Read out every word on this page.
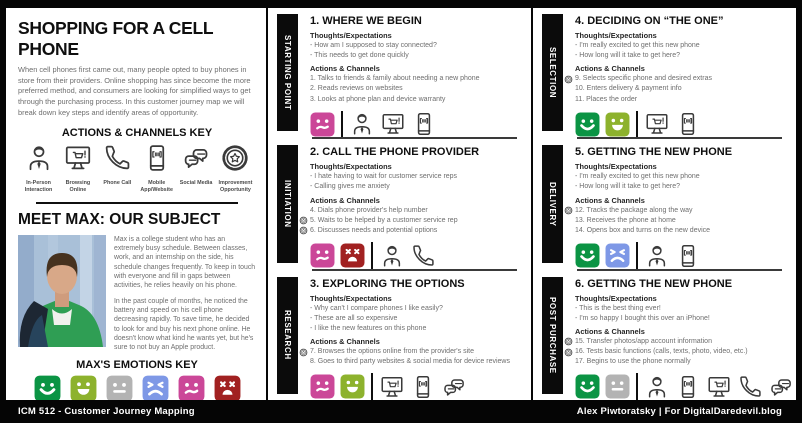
SHOPPING FOR A CELL PHONE
When cell phones first came out, many people opted to buy phones in store from their providers. Online shopping has since become the more preferred method, and consumers are looking for simplified ways to get through the purchasing process. In this customer journey map we will break down key steps and identify areas of opportunity.
ACTIONS & CHANNELS KEY
In-Person Interaction
Browsing Online
Phone Call	Mobile App/Website
Social Media Improvement Opportunity
MEET MAX: OUR SUBJECT
Max is a college student who has an extremely busy schedule. Between classes, work, and an internship on the side, his schedule changes frequently. To keep in touch with everyone and fill in gaps between activities, he relies heavily on his phone.
In the past couple of months, he noticed the battery and speed on his cell phone decreasing rapidly. To save time, he decided to look for and buy his next phone online. He doesn't know what kind he wants yet, but he's sure to not buy an Apple product.
MAX'S EMOTIONS KEY
STARTING POINT
1. WHERE WE BEGIN
Thoughts/Expectations
- How am I supposed to stay connected?
- This needs to get done quickly
Actions & Channels
1. Talks to friends & family about needing a new phone
2. Reads reviews on websites
3. Looks at phone plan and device warranty
INITIATION
2. CALL THE PHONE PROVIDER
Thoughts/Expectations
- I hate having to wait for customer service reps
- Calling gives me anxiety
Actions & Channels
4. Dials phone provider's help number
5. Waits to be helped by a customer service rep
6. Discusses needs and potential options
RESEARCH
3. EXPLORING THE OPTIONS
Thoughts/Expectations
- Why can't I compare phones I like easily?
- These are all so expensive
- I like the new features on this phone
Actions & Channels
7. Browses the options online from the provider's site
8. Goes to third party websites & social media for device reviews
SELECTION
4. DECIDING ON “THE ONE”
Thoughts/Expectations
- I'm really excited to get this new phone
- How long will it take to get here?
Actions & Channels
9. Selects specific phone and desired extras
10. Enters delivery & payment info
11. Places the order
DELIVERY
5. GETTING THE NEW PHONE
Thoughts/Expectations
- I'm really excited to get this new phone
- How long will it take to get here?
Actions & Channels
12. Tracks the package along the way
13. Receives the phone at home
14. Opens box and turns on the new device
POST PURCHASE
6. GETTING THE NEW PHONE
Thoughts/Expectations
- This is the best thing ever!
- I'm so happy I bought this over an iPhone!
Actions & Channels
15. Transfer photos/app account information
16. Tests basic functions (calls, texts, photo, video, etc.)
17. Begins to use the phone normally
ICM 512 - Customer Journey Mapping	Alex Piwtoratsky | For DigitalDaredevil.blog
